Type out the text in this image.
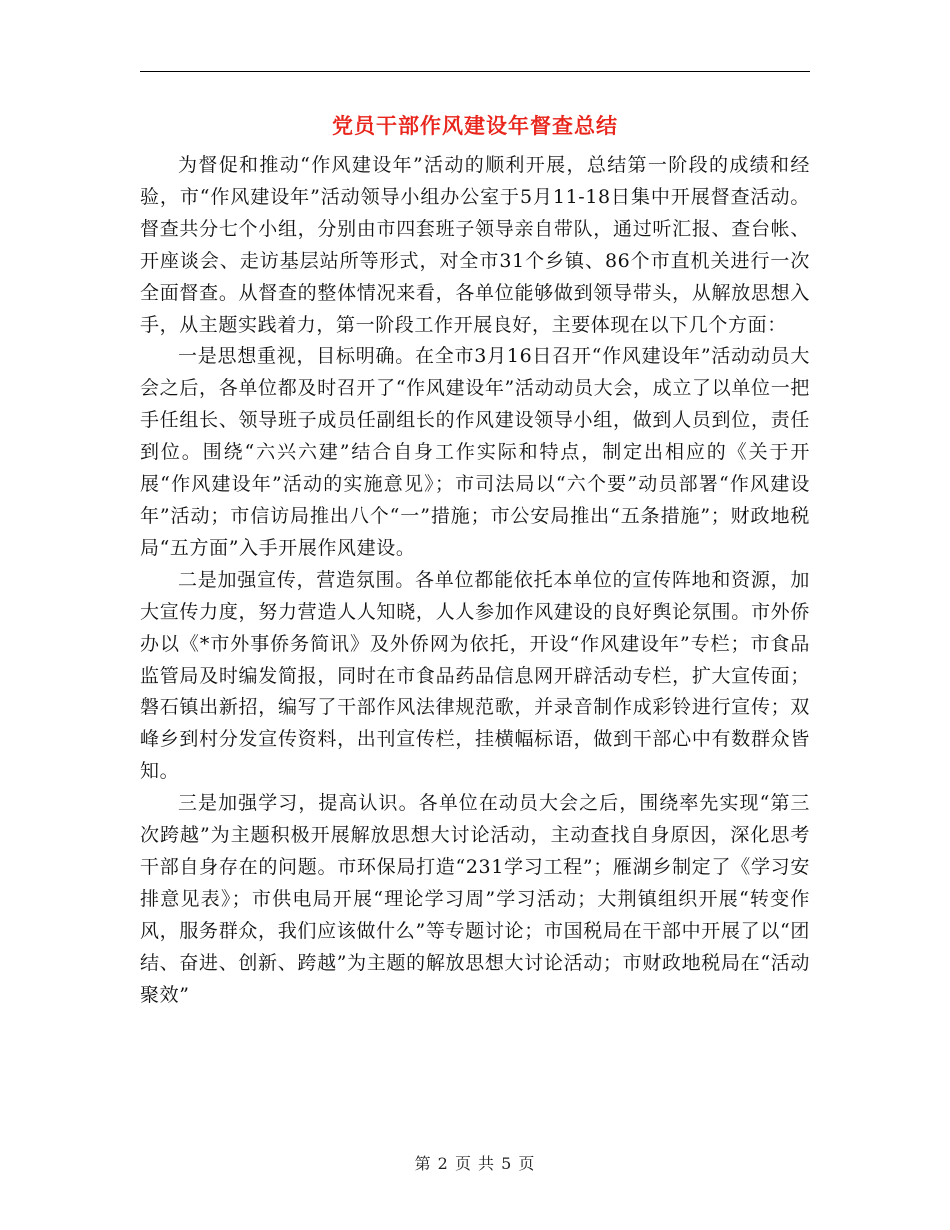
党员干部作风建设年督查总结

为督促和推动“作风建设年”活动的顺利开展，总结第一阶段的成绩和经验，市“作风建设年”活动领导小组办公室于5月11-18日集中开展督查活动。督查共分七个小组，分别由市四套班子领导亲自带队，通过听汇报、查台帐、开座谈会、走访基层站所等形式，对全市31个乡镇、86个市直机关进行一次全面督查。从督查的整体情况来看，各单位能够做到领导带头，从解放思想入手，从主题实践着力，第一阶段工作开展良好，主要体现在以下几个方面：

一是思想重视，目标明确。在全市3月16日召开“作风建设年”活动动员大会之后，各单位都及时召开了“作风建设年”活动动员大会，成立了以单位一把手任组长、领导班子成员任副组长的作风建设领导小组，做到人员到位，责任到位。围绕“六兴六建”结合自身工作实际和特点，制定出相应的《关于开展“作风建设年”活动的实施意见》；市司法局以“六个要”动员部署“作风建设年”活动；市信访局推出八个“一”措施；市公安局推出“五条措施”；财政地税局“五方面”入手开展作风建设。

二是加强宣传，营造氛围。各单位都能依托本单位的宣传阵地和资源，加大宣传力度，努力营造人人知晓，人人参加作风建设的良好舆论氛围。市外侨办以《*市外事侨务简讯》及外侨网为依托，开设“作风建设年”专栏；市食品监管局及时编发简报，同时在市食品药品信息网开辟活动专栏，扩大宣传面；磐石镇出新招，编写了干部作风法律规范歌，并录音制作成彩铃进行宣传；双峰乡到村分发宣传资料，出刊宣传栏，挂横幅标语，做到干部心中有数群众皆知。

三是加强学习，提高认识。各单位在动员大会之后，围绕率先实现“第三次跨越”为主题积极开展解放思想大讨论活动，主动查找自身原因，深化思考干部自身存在的问题。市环保局打造“231学习工程”；雁湖乡制定了《学习安排意见表》；市供电局开展“理论学习周”学习活动；大荆镇组织开展“转变作风，服务群众，我们应该做什么”等专题讨论；市国税局在干部中开展了以“团结、奋进、创新、跨越”为主题的解放思想大讨论活动；市财政地税局在“活动聚效”

第 2 页 共 5 页
